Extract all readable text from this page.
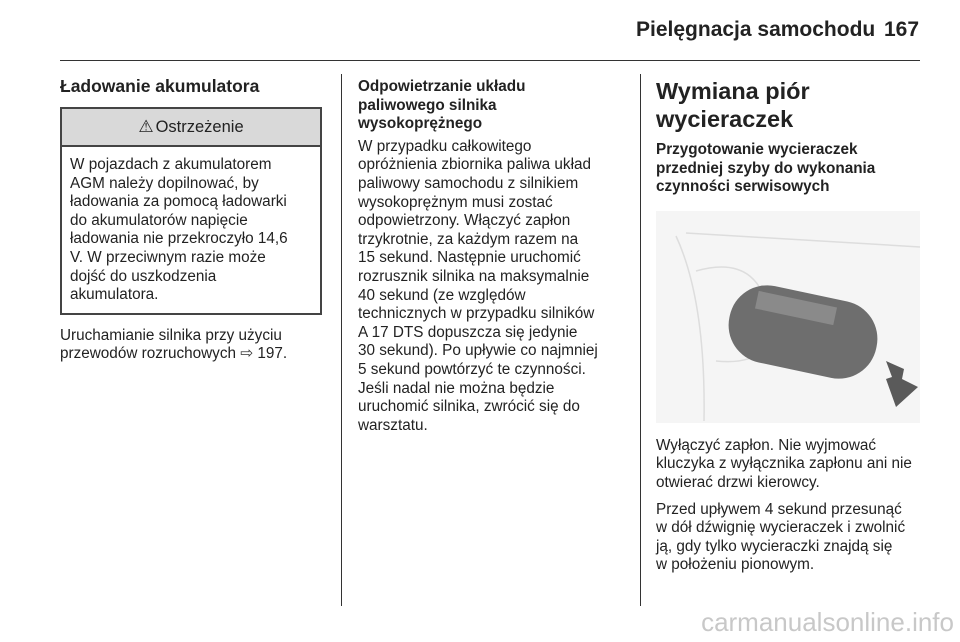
Pielęgnacja samochodu 167
Ładowanie akumulatora
⚠ Ostrzeżenie
W pojazdach z akumulatorem
AGM należy dopilnować, by
ładowania za pomocą ładowarki
do akumulatorów napięcie
ładowania nie przekroczyło 14,6
V. W przeciwnym razie może
dojść do uszkodzenia
akumulatora.
Uruchamianie silnika przy użyciu
przewodów rozruchowych ⇨ 197.
Odpowietrzanie układu
paliwowego silnika
wysokoprężnego
W przypadku całkowitego
opróżnienia zbiornika paliwa układ
paliwowy samochodu z silnikiem
wysokoprężnym musi zostać
odpowietrzony. Włączyć zapłon
trzykrotnie, za każdym razem na
15 sekund. Następnie uruchomić
rozrusznik silnika na maksymalnie
40 sekund (ze względów
technicznych w przypadku silników
A 17 DTS dopuszcza się jedynie
30 sekund). Po upływie co najmniej
5 sekund powtórzyć te czynności.
Jeśli nadal nie można będzie
uruchomić silnika, zwrócić się do
warsztatu.
Wymiana piór wycieraczek
Przygotowanie wycieraczek
przedniej szyby do wykonania
czynności serwisowych
Wyłączyć zapłon. Nie wyjmować
kluczyka z wyłącznika zapłonu ani nie
otwierać drzwi kierowcy.
Przed upływem 4 sekund przesunąć
w dół dźwignię wycieraczek i zwolnić
ją, gdy tylko wycieraczki znajdą się
w położeniu pionowym.
carmanualsonline.info
